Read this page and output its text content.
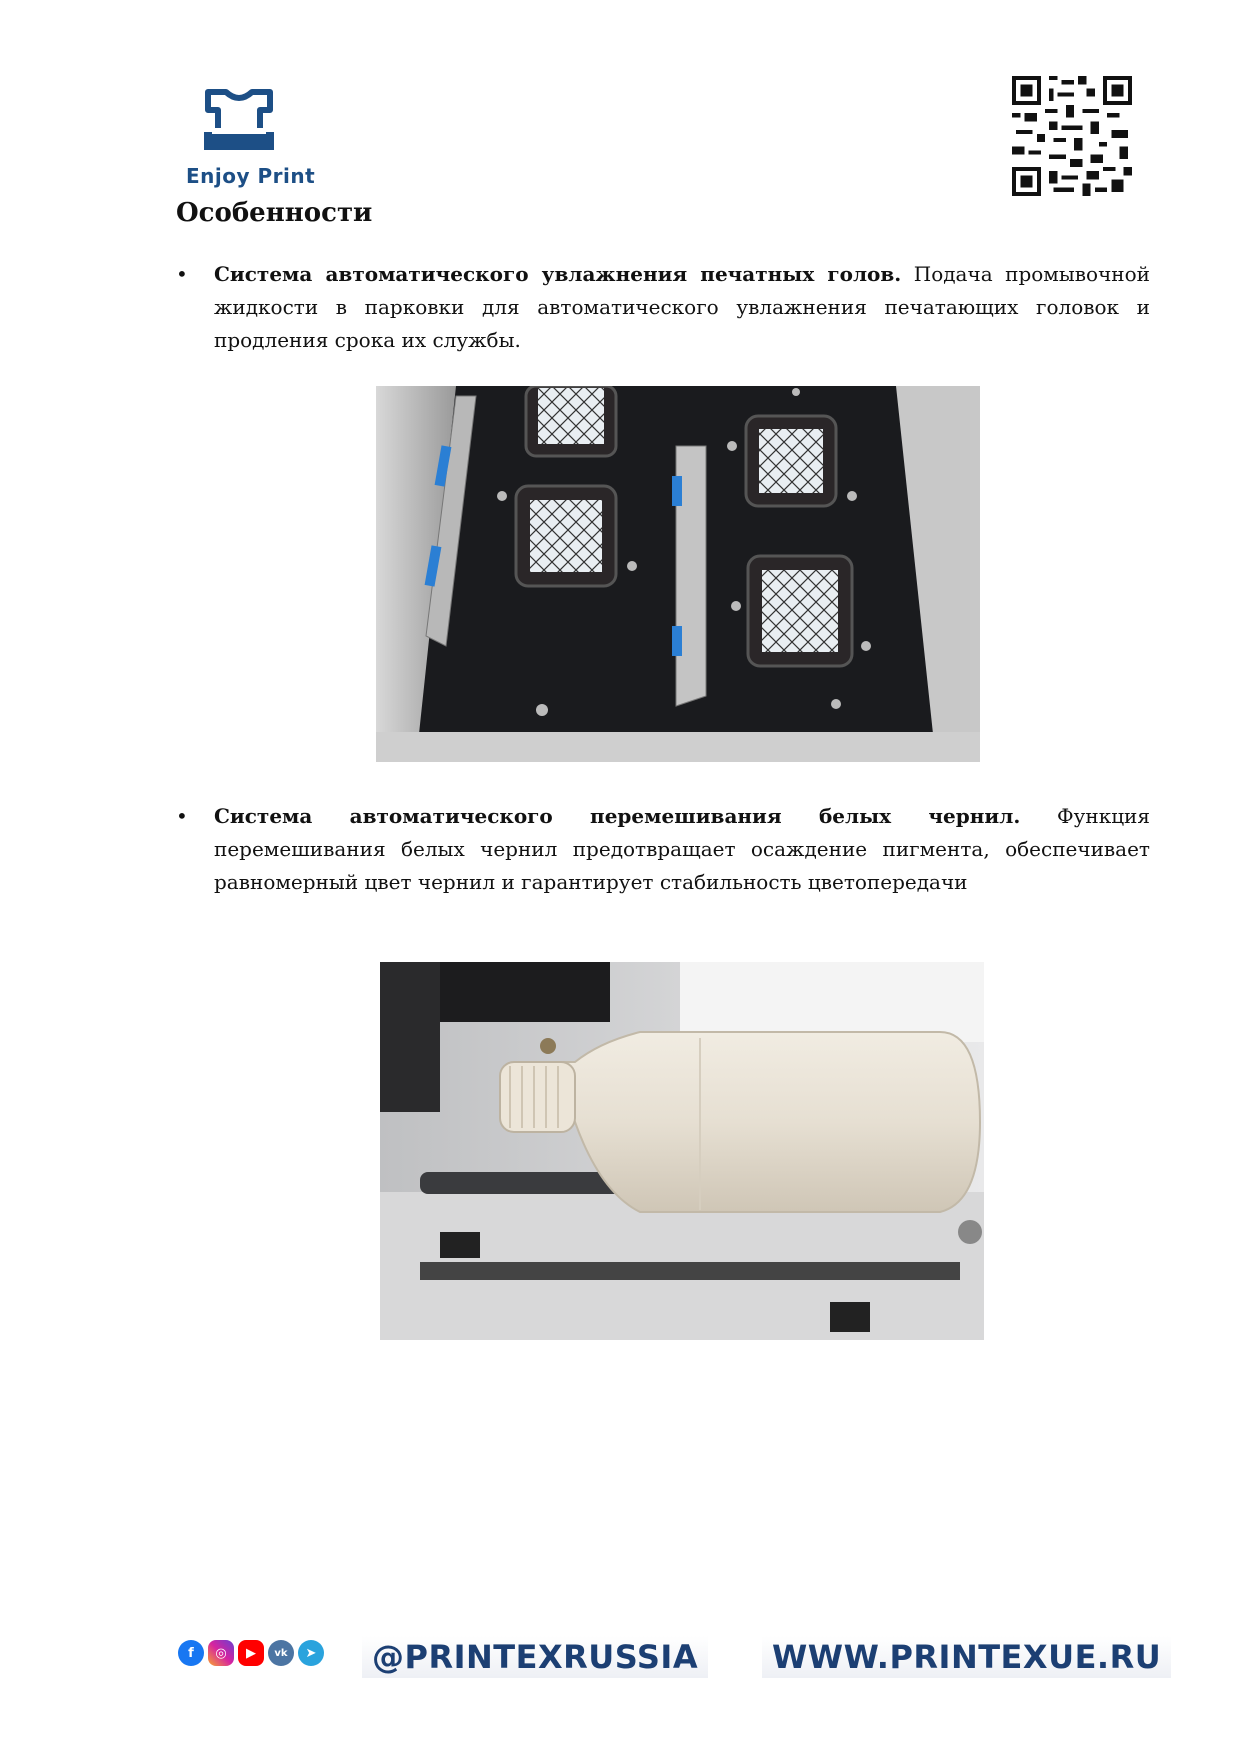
Enjoy Print
Особенности
• Система автоматического увлажнения печатных голов. Подача промывочной жидкости в парковки для автоматического увлажнения печатающих головок и продления срока их службы.

• Система автоматического перемешивания белых чернил. Функция перемешивания белых чернил предотвращает осаждение пигмента, обеспечивает равномерный цвет чернил и гарантирует стабильность цветопередачи

f	◎	▶	vk	➤	@PRINTEXRUSSIA	WWW.PRINTEXUE.RU
